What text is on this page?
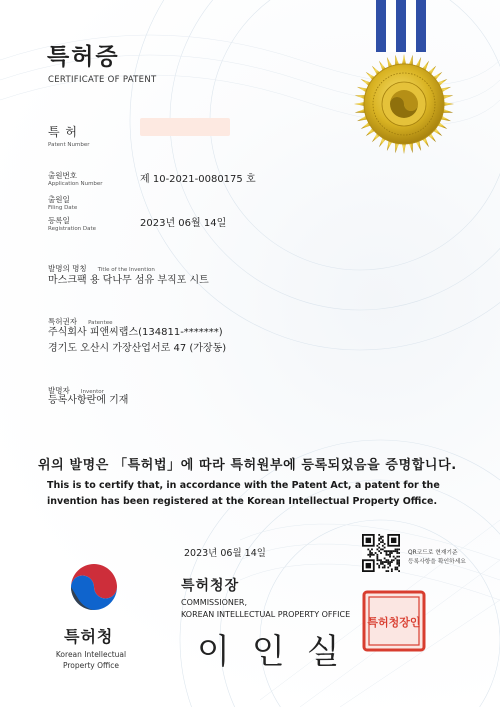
특허증
CERTIFICATE OF PATENT
특 허
Patent Number
출원번호
Application Number	제 10-2021-0080175 호
출원일
Filing Date
등록일
Registration Date	2023년 06월 14일
발명의 명칭 Title of the Invention
마스크팩 용 닥나무 섬유 부직포 시트
특허권자 Patentee
주식회사 피앤씨랩스(134811-*******)
경기도 오산시 가장산업서로 47 (가장동)
발명자 Inventor
등록사항란에 기재
위의 발명은 「특허법」에 따라 특허원부에 등록되었음을 증명합니다.
This is to certify that, in accordance with the Patent Act, a patent for the
invention has been registered at the Korean Intellectual Property Office.
2023년 06월 14일	QR코드로 현재기준
등록사항을 확인하세요
특허청
Korean Intellectual
Property Office
특허청장
COMMISSIONER,
KOREAN INTELLECTUAL PROPERTY OFFICE
이인실
특허청장인
